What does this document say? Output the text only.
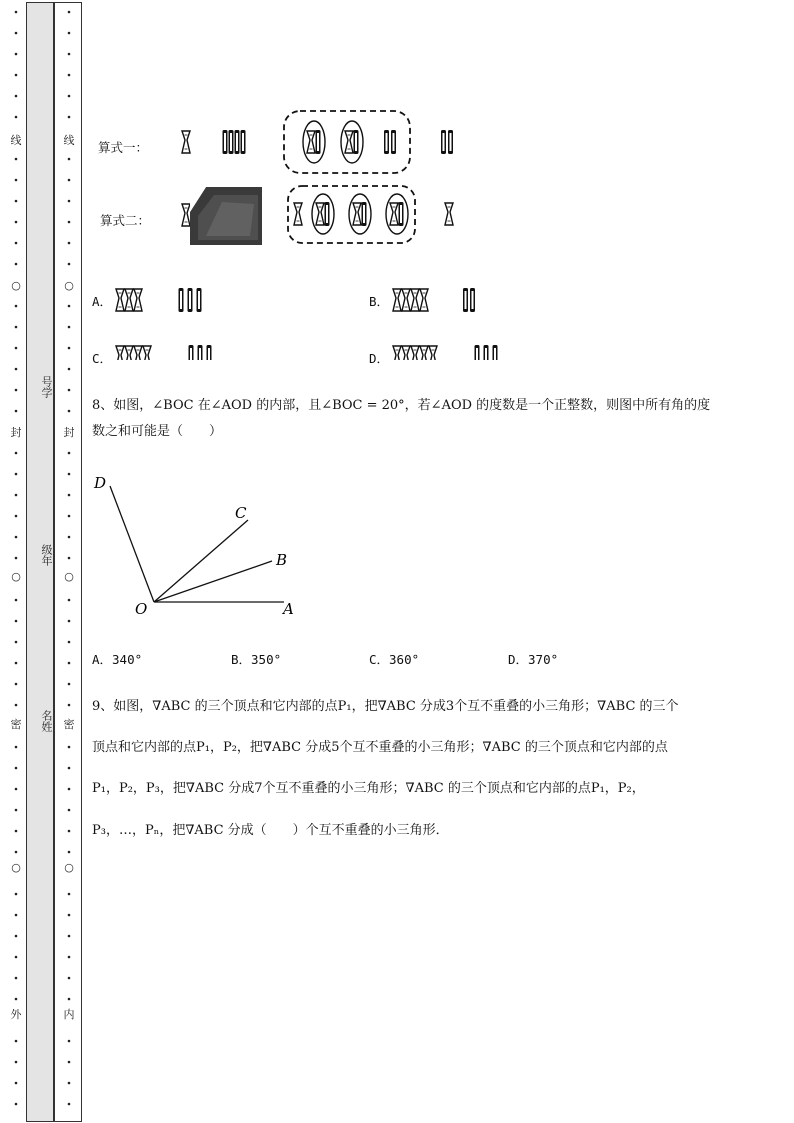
线
○
封
○
密
○
外
线
○
封
○
密
○
内
号学
级年
名姓
算式一：
算式二：
A．	B．
C．	D．
8、如图，∠BOC 在∠AOD 的内部，且∠BOC = 20°，若∠AOD 的度数是一个正整数，则图中所有角的度
数之和可能是（　　）
D
C
B
O	A
A．340°	B．350°	C．360°	D．370°
9、如图，∇ABC 的三个顶点和它内部的点P₁，把∇ABC 分成3个互不重叠的小三角形；∇ABC 的三个
顶点和它内部的点P₁，P₂，把∇ABC 分成5个互不重叠的小三角形；∇ABC 的三个顶点和它内部的点
P₁，P₂，P₃，把∇ABC 分成7个互不重叠的小三角形；∇ABC 的三个顶点和它内部的点P₁，P₂，
P₃，…，Pₙ，把∇ABC 分成（　　）个互不重叠的小三角形．
